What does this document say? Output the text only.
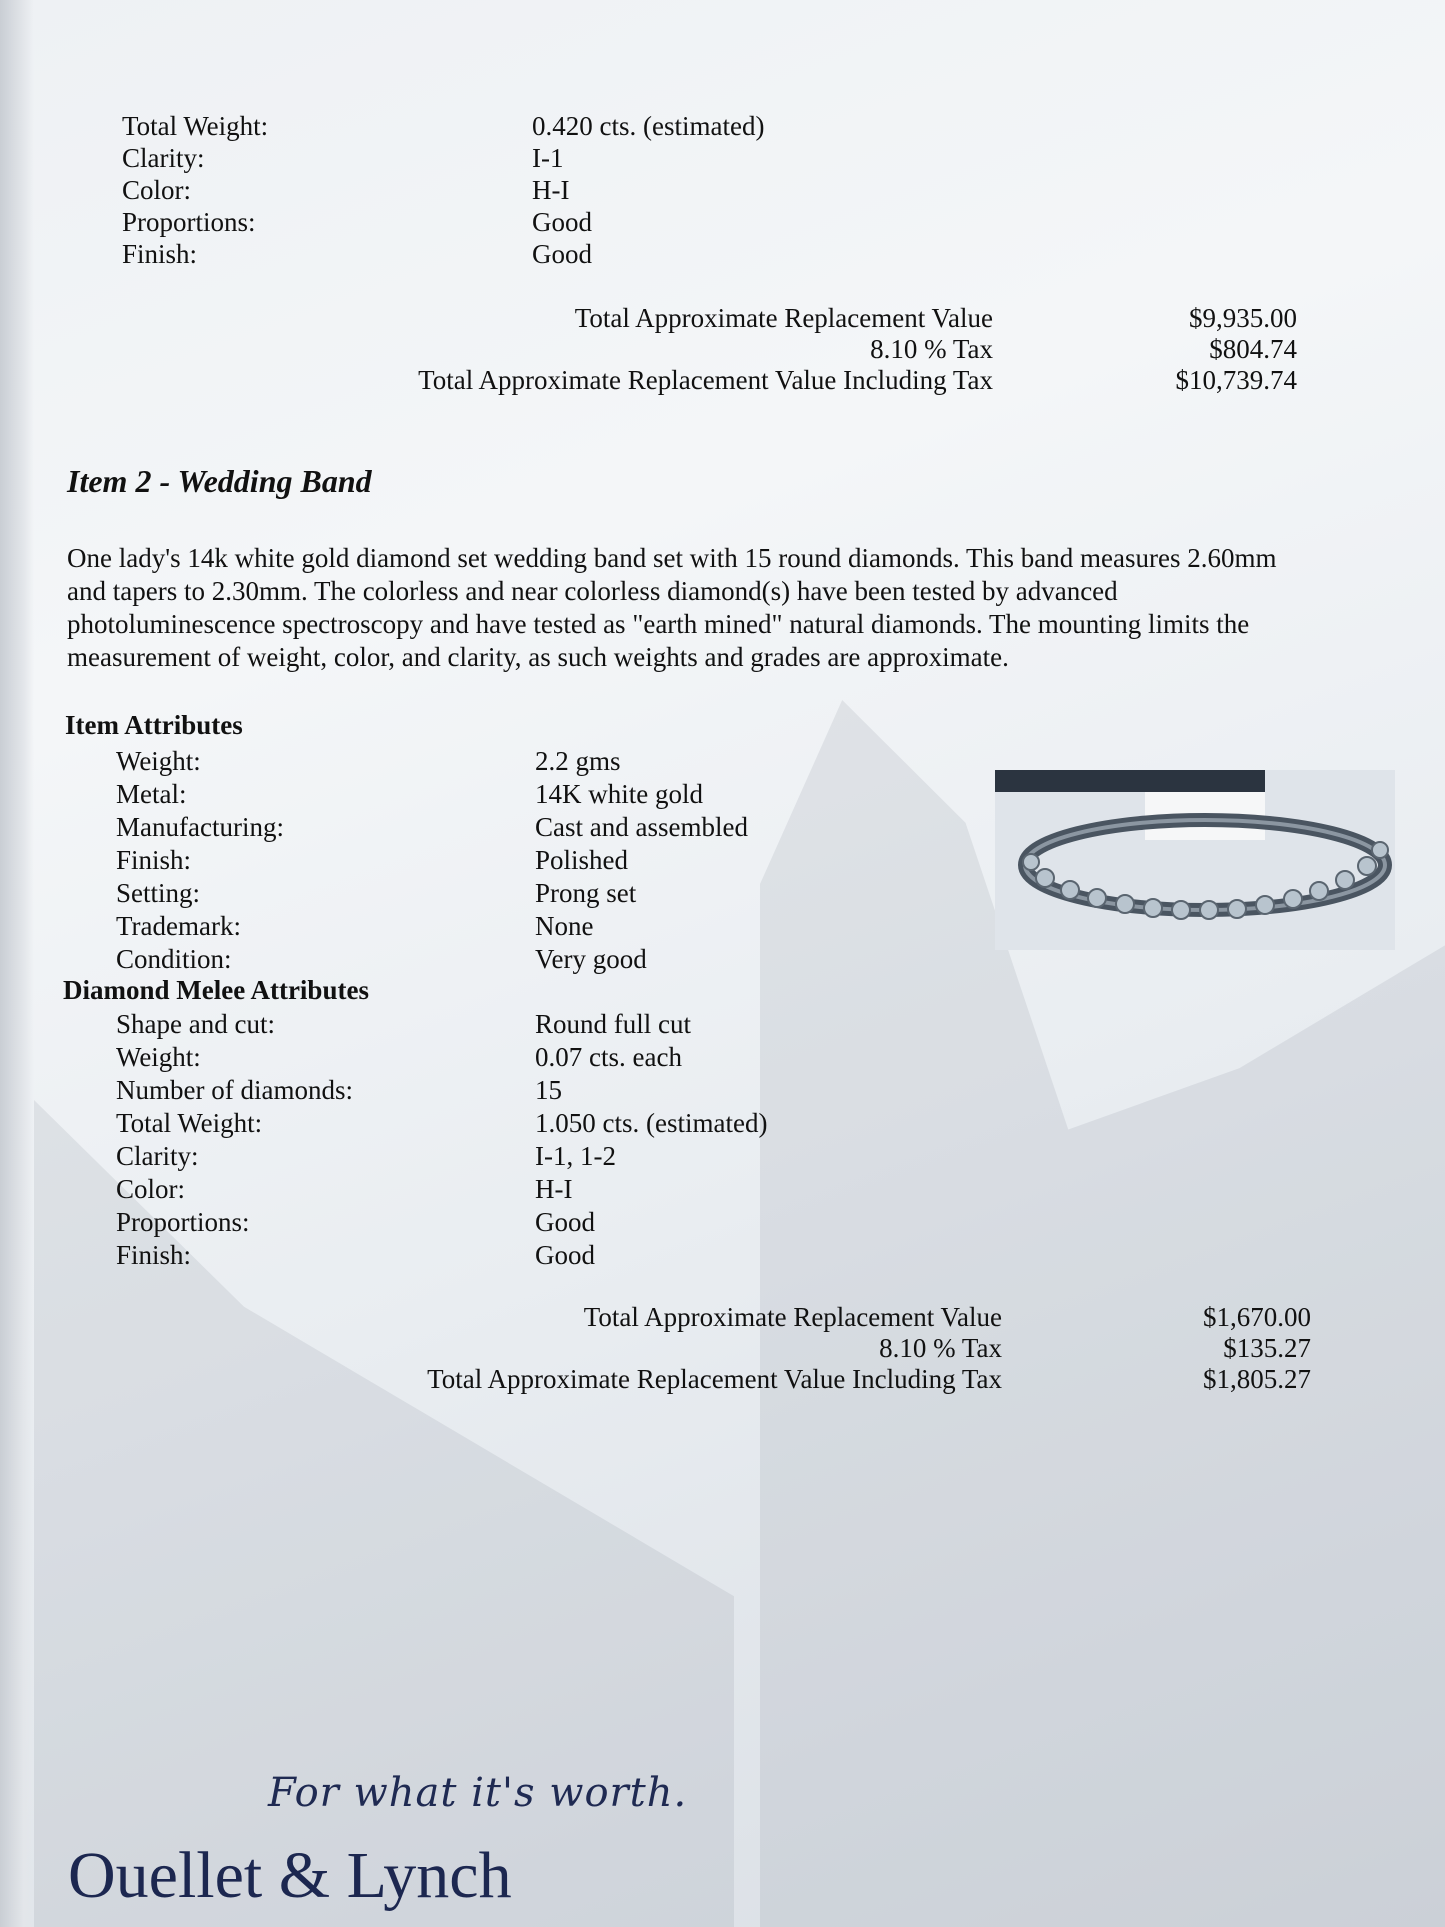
Total Weight:	0.420 cts. (estimated)
Clarity:	I-1
Color:	H-I
Proportions:	Good
Finish:	Good
Total Approximate Replacement Value	$9,935.00
8.10 % Tax	$804.74
Total Approximate Replacement Value Including Tax	$10,739.74
Item 2 - Wedding Band
One lady's 14k white gold diamond set wedding band set with 15 round diamonds. This band measures 2.60mm and tapers to 2.30mm. The colorless and near colorless diamond(s) have been tested by advanced photoluminescence spectroscopy and have tested as "earth mined" natural diamonds. The mounting limits the measurement of weight, color, and clarity, as such weights and grades are approximate.
Item Attributes
Weight:	2.2 gms
Metal:	14K white gold
Manufacturing:	Cast and assembled
Finish:	Polished
Setting:	Prong set
Trademark:	None
Condition:	Very good
Diamond Melee Attributes
Shape and cut:	Round full cut
Weight:	0.07 cts. each
Number of diamonds:	15
Total Weight:	1.050 cts. (estimated)
Clarity:	I-1, 1-2
Color:	H-I
Proportions:	Good
Finish:	Good
Total Approximate Replacement Value	$1,670.00
8.10 % Tax	$135.27
Total Approximate Replacement Value Including Tax	$1,805.27
For what it's worth.
Ouellet & Lynch
